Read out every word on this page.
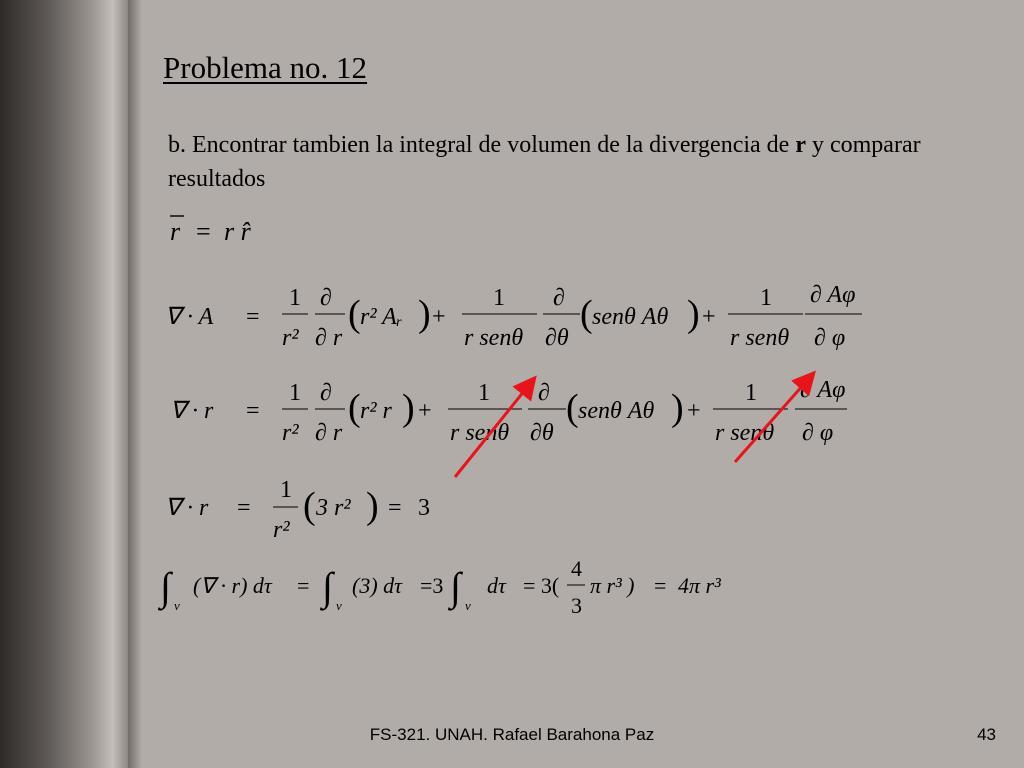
Problema no. 12
b. Encontrar tambien la integral de volumen de la divergencia de r y comparar resultados
r = r r̂
∇ · A =
1
r²
∂
∂ r
( r² Aᵣ ) +
1
r senθ
∂
∂θ
( senθ Aθ ) +
1
r senθ
∂ Aφ
∂ φ
∇ · r =
1
r²
∂
∂ r
( r² r ) +
1
r senθ
∂
∂θ
( senθ Aθ ) +
1
r senθ
∂ Aφ
∂ φ
∇ · r =
1
r²
( 3 r² ) = 3
∫ v
(∇ · r) dτ = ∫ v
(3) dτ =3 ∫ v
dτ = 3(
4
3
π r³ ) = 4π r³
FS-321. UNAH. Rafael Barahona Paz	43
